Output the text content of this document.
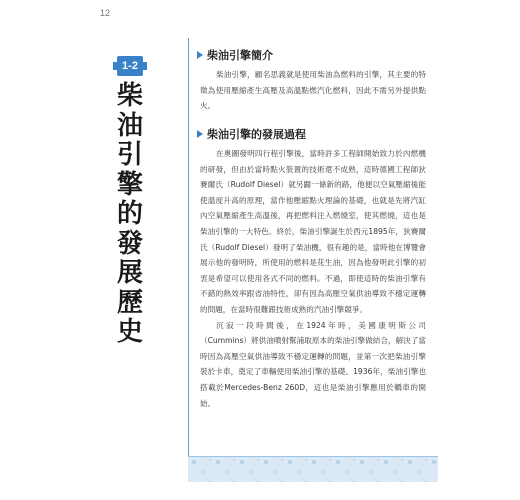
12
1-2
柴油引擎的發展歷史
柴油引擎簡介

柴油引擎，顧名思義就是使用柴油為燃料的引擎，其主要的特徵為使用壓縮產生高壓及高溫點燃汽化燃料，因此不需另外提供點火。

柴油引擎的發展過程

在奧圖發明四行程引擎後，當時許多工程師開始致力於內燃機的研發，但由於當時點火裝置的技術還不成熟，這時德國工程師狄賽爾氏（Rudolf Diesel）就另闢一條新的路，他便以空氣壓縮後能使溫度升高的原理，當作他壓縮點火理論的基礎，也就是先將汽缸內空氣壓縮產生高溫後，再把燃料注入燃燒室，使其燃燒，這也是柴油引擎的一大特色。終於，柴油引擎誕生於西元1895年，狄賽爾氏（Rudolf Diesel）發明了柴油機，很有趣的是，當時他在博覽會展示他的發明時，所使用的燃料是花生油，因為他發明此引擎的初衷是希望可以使用各式不同的燃料。不過，即使這時的柴油引擎有不錯的熱效率跟省油特性，卻有因為高壓空氣供油導致不穩定運轉的問題，在當時很難跟技術成熟的汽油引擎競爭。

沉寂一段時間後，在1924年時，美國康明斯公司（Cummins）將供油噴射幫浦取原本的柴油引擎做結合，解決了當時因為高壓空氣供油導致不穩定運轉的問題，並第一次把柴油引擎裝於卡車，奠定了車輛使用柴油引擎的基礎。1936年，柴油引擎也搭載於Mercedes-Benz 260D，這也是柴油引擎應用於轎車的開始。
